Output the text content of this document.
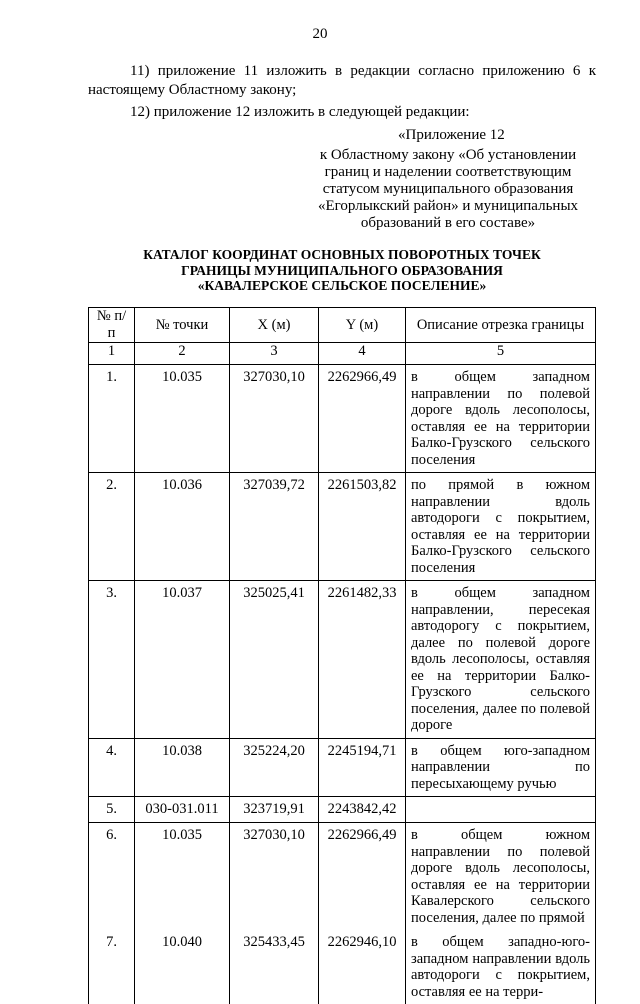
20
11) приложение 11 изложить в редакции согласно приложению 6 к настоящему Областному закону;
12) приложение 12 изложить в следующей редакции:
«Приложение 12
к Областному закону «Об установлении
границ и наделении соответствующим
статусом муниципального образования
«Егорлыкский район» и муниципальных
образований в его составе»
КАТАЛОГ КООРДИНАТ ОСНОВНЫХ ПОВОРОТНЫХ ТОЧЕК
ГРАНИЦЫ МУНИЦИПАЛЬНОГО ОБРАЗОВАНИЯ
«КАВАЛЕРСКОЕ СЕЛЬСКОЕ ПОСЕЛЕНИЕ»
№ п/п	№ точки	X (м)	Y (м)	Описание отрезка границы
1	2	3	4	5
1.	10.035	327030,10	2262966,49	в общем западном направлении по полевой дороге вдоль лесополосы, оставляя ее на территории Балко-Грузского сельского поселения
2.	10.036	327039,72	2261503,82	по прямой в южном направлении вдоль автодороги с покрытием, оставляя ее на территории Балко-Грузского сельского поселения
3.	10.037	325025,41	2261482,33	в общем западном направлении, пересекая автодорогу с покрытием, далее по полевой дороге вдоль лесополосы, оставляя ее на территории Балко-Грузского сельского поселения, далее по полевой дороге
4.	10.038	325224,20	2245194,71	в общем юго-западном направлении по пересыхающему ручью
5.	030-031.011	323719,91	2243842,42	
6.	10.035	327030,10	2262966,49	в общем южном направлении по полевой дороге вдоль лесополосы, оставляя ее на территории Кавалерского сельского поселения, далее по прямой
7.	10.040	325433,45	2262946,10	в общем западно-юго-западном направлении вдоль автодороги с покрытием, оставляя ее на терри-
